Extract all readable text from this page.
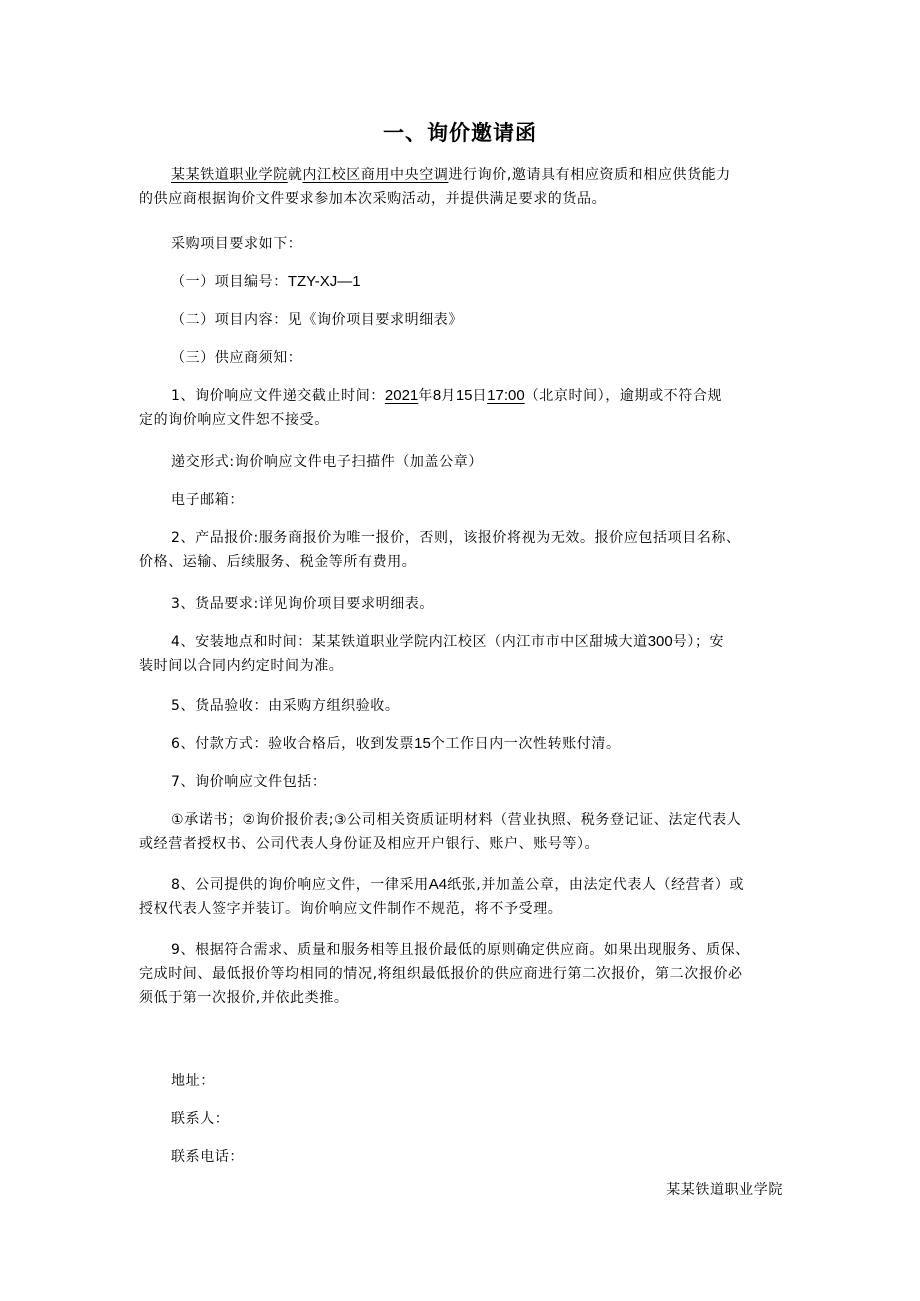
一、询价邀请函
某某铁道职业学院就内江校区商用中央空调进行询价,邀请具有相应资质和相应供货能力
的供应商根据询价文件要求参加本次采购活动，并提供满足要求的货品。
采购项目要求如下：
（一）项目编号：TZY-XJ—1
（二）项目内容：见《询价项目要求明细表》
（三）供应商须知：
1、询价响应文件递交截止时间：2021年8月15日17:00（北京时间），逾期或不符合规
定的询价响应文件恕不接受。
递交形式:询价响应文件电子扫描件（加盖公章）
电子邮箱：
2、产品报价:服务商报价为唯一报价，否则，该报价将视为无效。报价应包括项目名称、
价格、运输、后续服务、税金等所有费用。
3、货品要求:详见询价项目要求明细表。
4、安装地点和时间：某某铁道职业学院内江校区（内江市市中区甜城大道300号）；安
装时间以合同内约定时间为准。
5、货品验收：由采购方组织验收。
6、付款方式：验收合格后，收到发票15个工作日内一次性转账付清。
7、询价响应文件包括：
①承诺书；②询价报价表;③公司相关资质证明材料（营业执照、税务登记证、法定代表人
或经营者授权书、公司代表人身份证及相应开户银行、账户、账号等）。
8、公司提供的询价响应文件，一律采用A4纸张,并加盖公章，由法定代表人（经营者）或
授权代表人签字并装订。询价响应文件制作不规范，将不予受理。
9、根据符合需求、质量和服务相等且报价最低的原则确定供应商。如果出现服务、质保、
完成时间、最低报价等均相同的情况,将组织最低报价的供应商进行第二次报价，第二次报价必
须低于第一次报价,并依此类推。
地址：
联系人：
联系电话：
某某铁道职业学院
